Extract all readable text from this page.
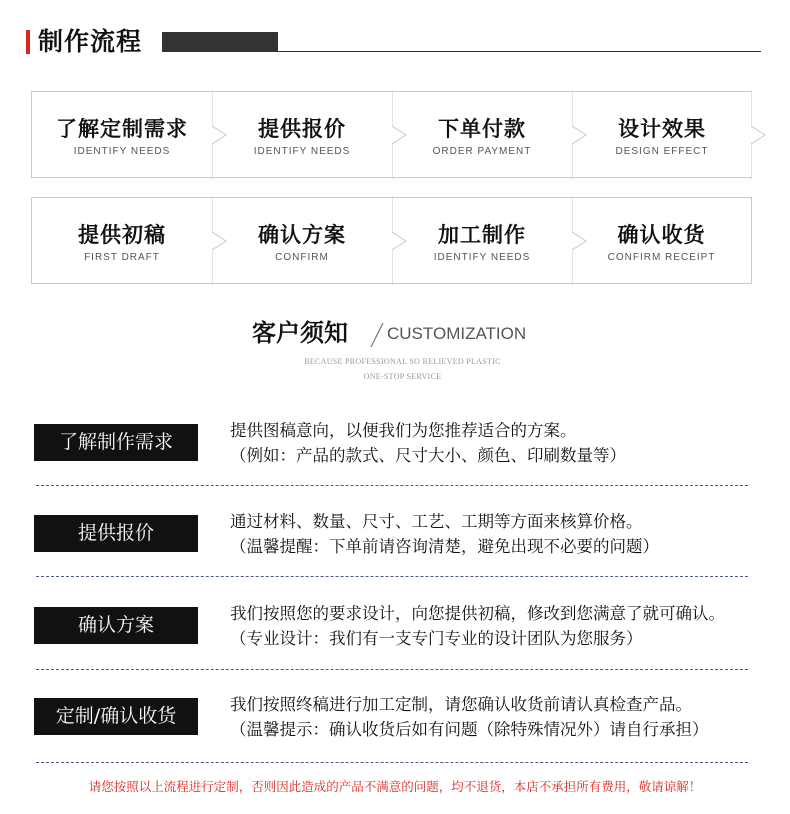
制作流程
了解定制需求
IDENTIFY NEEDS
提供报价
IDENTIFY NEEDS
下单付款
ORDER PAYMENT
设计效果
DESIGN EFFECT
提供初稿
FIRST DRAFT
确认方案
CONFIRM
加工制作
IDENTIFY NEEDS
确认收货
CONFIRM RECEIPT
客户须知 CUSTOMIZATION
BECAUSE PROFESSIONAL SO RELIEVED PLASTIC
ONE-STOP SERVICE
了解制作需求
提供图稿意向，以便我们为您推荐适合的方案。
（例如：产品的款式、尺寸大小、颜色、印刷数量等）
提供报价
通过材料、数量、尺寸、工艺、工期等方面来核算价格。
（温馨提醒：下单前请咨询清楚，避免出现不必要的问题）
确认方案
我们按照您的要求设计，向您提供初稿，修改到您满意了就可确认。
（专业设计：我们有一支专门专业的设计团队为您服务）
定制/确认收货
我们按照终稿进行加工定制，请您确认收货前请认真检查产品。
（温馨提示：确认收货后如有问题（除特殊情况外）请自行承担）
请您按照以上流程进行定制，否则因此造成的产品不满意的问题，均不退货，本店不承担所有费用，敬请谅解！
